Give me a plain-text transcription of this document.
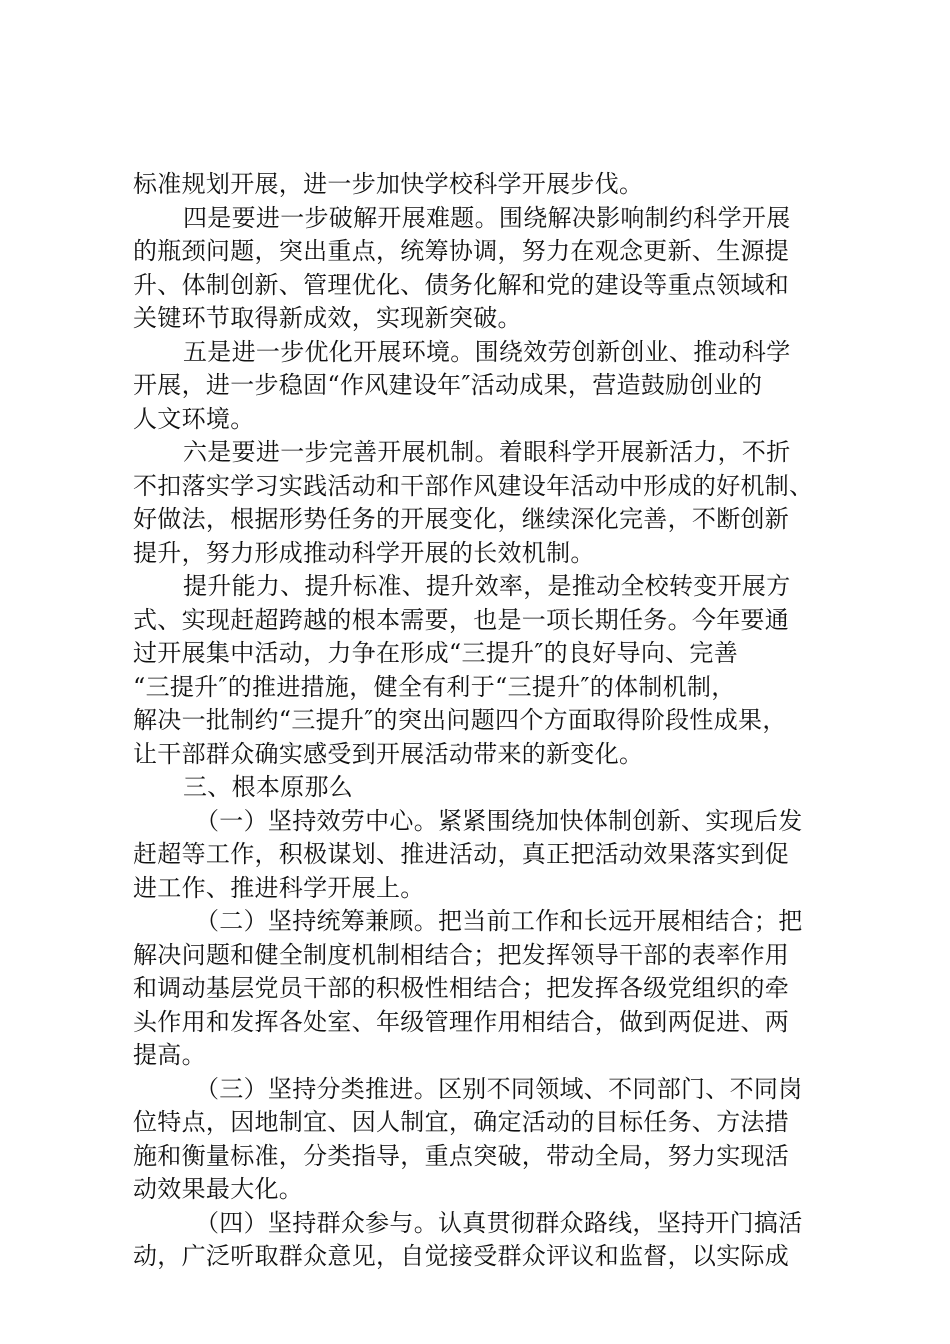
标准规划开展，进一步加快学校科学开展步伐。
四是要进一步破解开展难题。围绕解决影响制约科学开展
的瓶颈问题，突出重点，统筹协调，努力在观念更新、生源提
升、体制创新、管理优化、债务化解和党的建设等重点领域和
关键环节取得新成效，实现新突破。
五是进一步优化开展环境。围绕效劳创新创业、推动科学
开展，进一步稳固“作风建设年″活动成果，营造鼓励创业的
人文环境。
六是要进一步完善开展机制。着眼科学开展新活力，不折
不扣落实学习实践活动和干部作风建设年活动中形成的好机制、
好做法，根据形势任务的开展变化，继续深化完善，不断创新
提升，努力形成推动科学开展的长效机制。
提升能力、提升标准、提升效率，是推动全校转变开展方
式、实现赶超跨越的根本需要，也是一项长期任务。今年要通
过开展集中活动，力争在形成“三提升″的良好导向、完善
“三提升″的推进措施，健全有利于“三提升″的体制机制，
解决一批制约“三提升″的突出问题四个方面取得阶段性成果，
让干部群众确实感受到开展活动带来的新变化。
三、根本原那么
（一）坚持效劳中心。紧紧围绕加快体制创新、实现后发
赶超等工作，积极谋划、推进活动，真正把活动效果落实到促
进工作、推进科学开展上。
（二）坚持统筹兼顾。把当前工作和长远开展相结合；把
解决问题和健全制度机制相结合；把发挥领导干部的表率作用
和调动基层党员干部的积极性相结合；把发挥各级党组织的牵
头作用和发挥各处室、年级管理作用相结合，做到两促进、两
提高。
（三）坚持分类推进。区别不同领域、不同部门、不同岗
位特点，因地制宜、因人制宜，确定活动的目标任务、方法措
施和衡量标准，分类指导，重点突破，带动全局，努力实现活
动效果最大化。
（四）坚持群众参与。认真贯彻群众路线，坚持开门搞活
动，广泛听取群众意见，自觉接受群众评议和监督，以实际成
